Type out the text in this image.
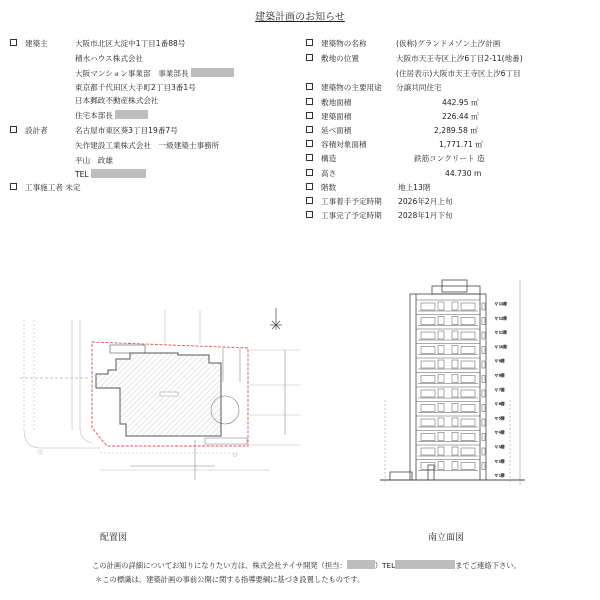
建築計画のお知らせ
建築主	大阪市北区大淀中1丁目1番88号
積水ハウス株式会社
大阪マンション事業部　事業部長
東京都千代田区大手町2丁目3番1号
日本郵政不動産株式会社
住宅本部長
設計者	名古屋市東区葵3丁目19番7号
矢作建設工業株式会社　一級建築士事務所
平山　政雄
TEL
工事施工者 未定
建築物の名称	(仮称)グランドメゾン上汐計画
敷地の位置	大阪市天王寺区上汐6丁目2-11(地番)
(住居表示)大阪市天王寺区上汐6丁目
建築物の主要用途 分譲共同住宅
敷地面積	442.95 ㎡
建築面積	226.44 ㎡
延べ面積	2,289.58 ㎡
容積対象面積	1,771.71 ㎡
構造	鉄筋コンクリート 造
高さ	44.730 m
階数	地上13階
工事着手予定時期 2026年2月上旬
工事完了予定時期 2028年1月下旬
▽ 13階
▽ 12階
▽ 11階
▽ 10階
▽ 9階
▽ 8階
▽ 7階
▽ 6階
▽ 5階
▽ 4階
▽ 3階
▽ 2階
▽ 1階
配置図	南立面図
この計画の詳細についてお知りになりたい方は、株式会社テイサ開発（担当：	）TEL	までご連絡下さい。
＊この標識は、建築計画の事前公開に関する指導要綱に基づき設置したものです。
